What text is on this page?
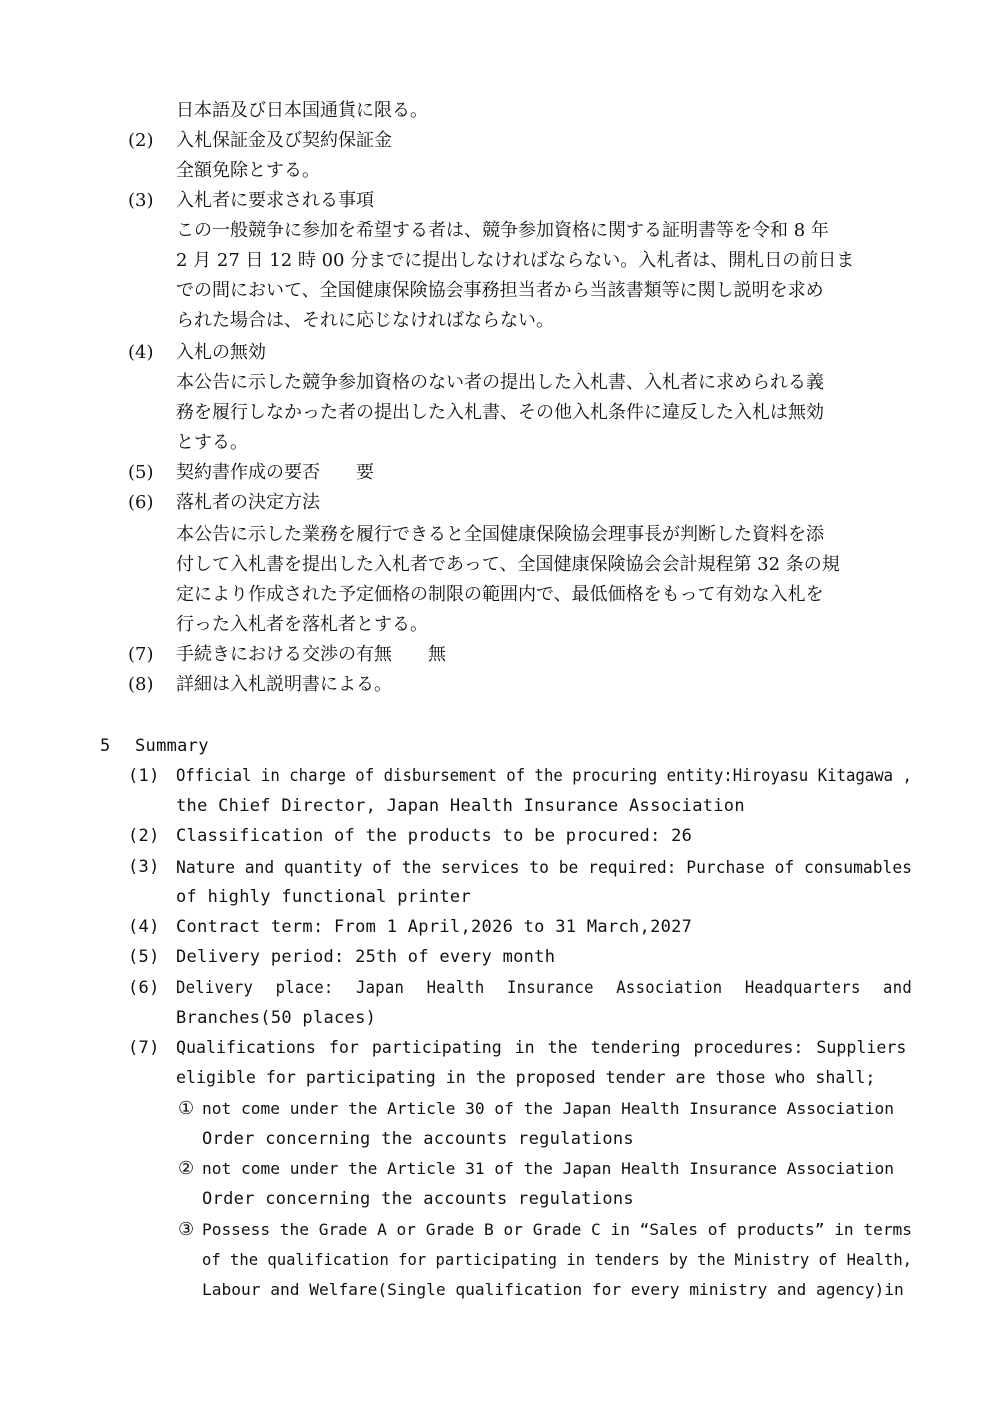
日本語及び日本国通貨に限る。
(2) 入札保証金及び契約保証金
全額免除とする。
(3) 入札者に要求される事項
この一般競争に参加を希望する者は、競争参加資格に関する証明書等を令和 8 年
2 月 27 日 12 時 00 分までに提出しなければならない。入札者は、開札日の前日ま
での間において、全国健康保険協会事務担当者から当該書類等に関し説明を求め
られた場合は、それに応じなければならない。
(4) 入札の無効
本公告に示した競争参加資格のない者の提出した入札書、入札者に求められる義
務を履行しなかった者の提出した入札書、その他入札条件に違反した入札は無効
とする。
(5) 契約書作成の要否　　要
(6) 落札者の決定方法
本公告に示した業務を履行できると全国健康保険協会理事長が判断した資料を添
付して入札書を提出した入札者であって、全国健康保険協会会計規程第 32 条の規
定により作成された予定価格の制限の範囲内で、最低価格をもって有効な入札を
行った入札者を落札者とする。
(7) 手続きにおける交渉の有無　　無
(8) 詳細は入札説明書による。
5 Summary
(1) Official in charge of disbursement of the procuring entity:Hiroyasu Kitagawa ,
the Chief Director, Japan Health Insurance Association
(2) Classification of the products to be procured: 26
(3) Nature and quantity of the services to be required: Purchase of consumables
of highly functional printer
(4) Contract term: From 1 April,2026 to 31 March,2027
(5) Delivery period: 25th of every month
(6) Delivery place: Japan Health Insurance Association Headquarters and
Branches(50 places)
(7) Qualifications for participating in the tendering procedures: Suppliers
eligible for participating in the proposed tender are those who shall;
① not come under the Article 30 of the Japan Health Insurance Association
Order concerning the accounts regulations
② not come under the Article 31 of the Japan Health Insurance Association
Order concerning the accounts regulations
③ Possess the Grade A or Grade B or Grade C in “Sales of products” in terms
of the qualification for participating in tenders by the Ministry of Health,
Labour and Welfare(Single qualification for every ministry and agency)in
